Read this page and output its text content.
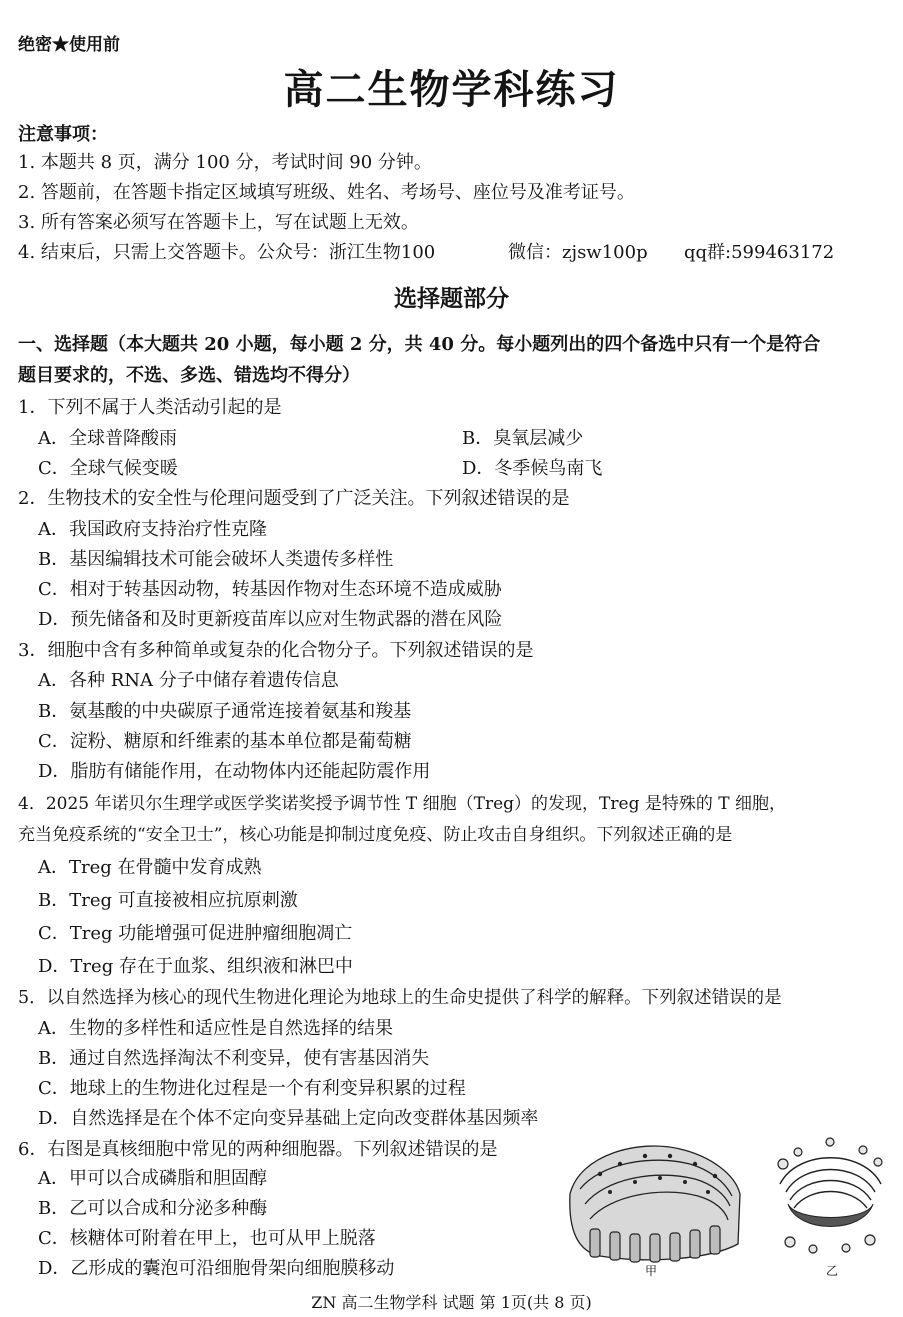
绝密★使用前
高二生物学科练习
注意事项：
1. 本题共 8 页，满分 100 分，考试时间 90 分钟。
2. 答题前，在答题卡指定区域填写班级、姓名、考场号、座位号及准考证号。
3. 所有答案必须写在答题卡上，写在试题上无效。
4. 结束后，只需上交答题卡。公众号：浙江生物100	微信：zjsw100p qq群:599463172
选择题部分
一、选择题（本大题共 20 小题，每小题 2 分，共 40 分。每小题列出的四个备选中只有一个是符合
题目要求的，不选、多选、错选均不得分）
1．下列不属于人类活动引起的是
A．全球普降酸雨	B．臭氧层减少
C．全球气候变暖	D．冬季候鸟南飞
2．生物技术的安全性与伦理问题受到了广泛关注。下列叙述错误的是
A．我国政府支持治疗性克隆
B．基因编辑技术可能会破坏人类遗传多样性
C．相对于转基因动物，转基因作物对生态环境不造成威胁
D．预先储备和及时更新疫苗库以应对生物武器的潜在风险
3．细胞中含有多种简单或复杂的化合物分子。下列叙述错误的是
A．各种 RNA 分子中储存着遗传信息
B．氨基酸的中央碳原子通常连接着氨基和羧基
C．淀粉、糖原和纤维素的基本单位都是葡萄糖
D．脂肪有储能作用，在动物体内还能起防震作用
4．2025 年诺贝尔生理学或医学奖诺奖授予调节性 T 细胞（Treg）的发现，Treg 是特殊的 T 细胞，
充当免疫系统的“安全卫士”，核心功能是抑制过度免疫、防止攻击自身组织。下列叙述正确的是
A．Treg 在骨髓中发育成熟
B．Treg 可直接被相应抗原刺激
C．Treg 功能增强可促进肿瘤细胞凋亡
D．Treg 存在于血浆、组织液和淋巴中
5．以自然选择为核心的现代生物进化理论为地球上的生命史提供了科学的解释。下列叙述错误的是
A．生物的多样性和适应性是自然选择的结果
B．通过自然选择淘汰不利变异，使有害基因消失
C．地球上的生物进化过程是一个有利变异积累的过程
D．自然选择是在个体不定向变异基础上定向改变群体基因频率
6．右图是真核细胞中常见的两种细胞器。下列叙述错误的是
A．甲可以合成磷脂和胆固醇
B．乙可以合成和分泌多种酶
C．核糖体可附着在甲上，也可从甲上脱落
D．乙形成的囊泡可沿细胞骨架向细胞膜移动	甲	乙
ZN 高二生物学科 试题 第 1页(共 8 页)
